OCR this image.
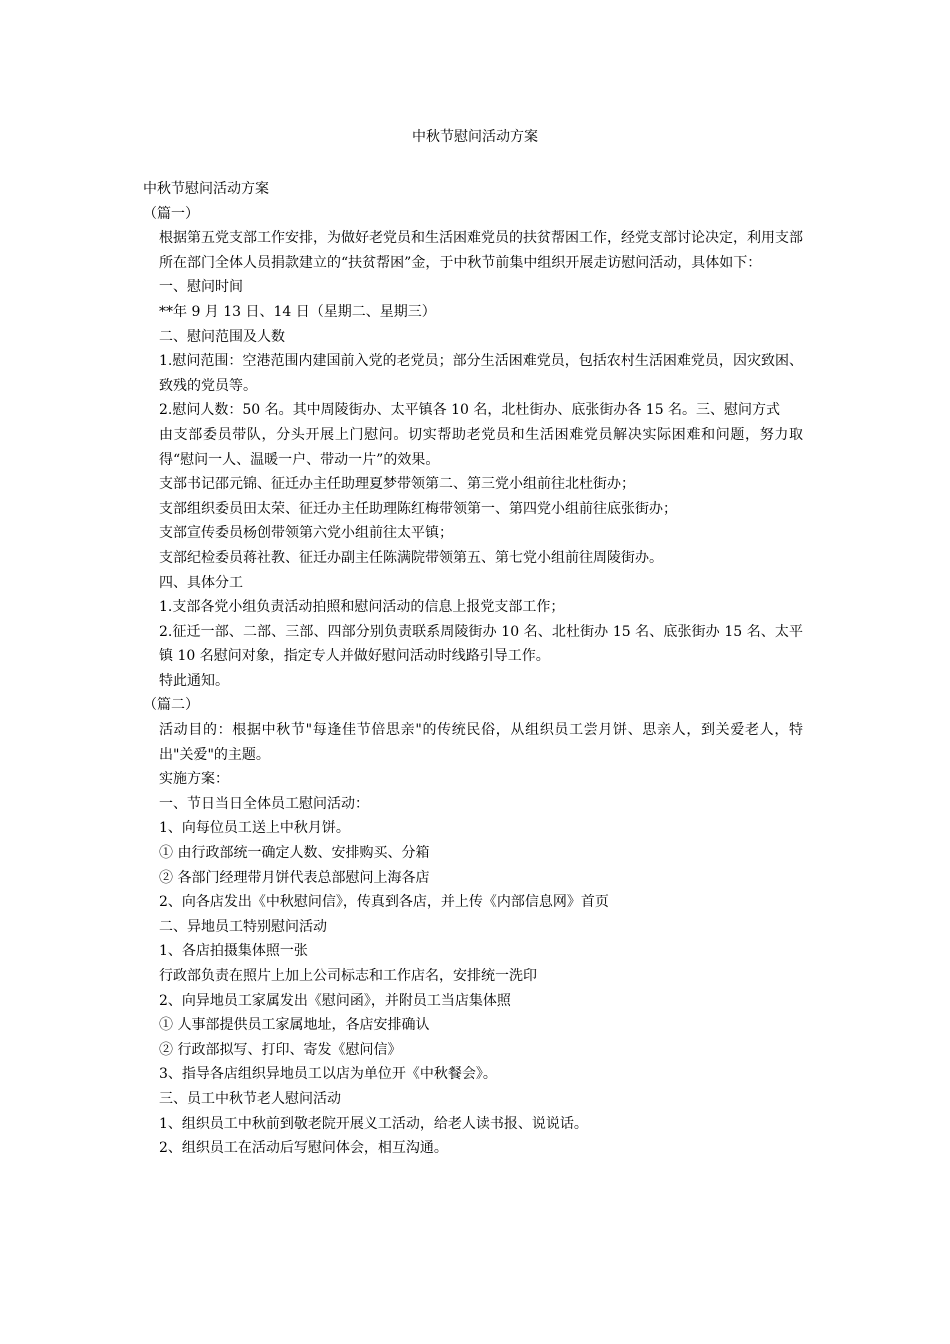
中秋节慰问活动方案

中秋节慰问活动方案

（篇一）

根据第五党支部工作安排，为做好老党员和生活困难党员的扶贫帮困工作，经党支部讨论决定，利用支部所在部门全体人员捐款建立的“扶贫帮困”金，于中秋节前集中组织开展走访慰问活动，具体如下：

一、慰问时间

**年 9 月 13 日、14 日（星期二、星期三）

二、慰问范围及人数

1.慰问范围：空港范围内建国前入党的老党员；部分生活困难党员，包括农村生活困难党员，因灾致困、致残的党员等。

2.慰问人数：50 名。其中周陵街办、太平镇各 10 名，北杜街办、底张街办各 15 名。三、慰问方式

由支部委员带队，分头开展上门慰问。切实帮助老党员和生活困难党员解决实际困难和问题，努力取得“慰问一人、温暖一户、带动一片”的效果。

支部书记邵元锦、征迁办主任助理夏梦带领第二、第三党小组前往北杜街办；

支部组织委员田太荣、征迁办主任助理陈红梅带领第一、第四党小组前往底张街办；

支部宣传委员杨创带领第六党小组前往太平镇；

支部纪检委员蒋社教、征迁办副主任陈满院带领第五、第七党小组前往周陵街办。

四、具体分工

1.支部各党小组负责活动拍照和慰问活动的信息上报党支部工作；

2.征迁一部、二部、三部、四部分别负责联系周陵街办 10 名、北杜街办 15 名、底张街办 15 名、太平镇 10 名慰问对象，指定专人并做好慰问活动时线路引导工作。

特此通知。

（篇二）

活动目的：根据中秋节"每逢佳节倍思亲"的传统民俗，从组织员工尝月饼、思亲人，到关爱老人，特出"关爱"的主题。

实施方案：

一、节日当日全体员工慰问活动：

1、向每位员工送上中秋月饼。

① 由行政部统一确定人数、安排购买、分箱

② 各部门经理带月饼代表总部慰问上海各店

2、向各店发出《中秋慰问信》，传真到各店，并上传《内部信息网》首页

二、异地员工特别慰问活动

1、各店拍摄集体照一张

行政部负责在照片上加上公司标志和工作店名，安排统一洗印

2、向异地员工家属发出《慰问函》，并附员工当店集体照

① 人事部提供员工家属地址，各店安排确认

② 行政部拟写、打印、寄发《慰问信》

3、指导各店组织异地员工以店为单位开《中秋餐会》。

三、员工中秋节老人慰问活动

1、组织员工中秋前到敬老院开展义工活动，给老人读书报、说说话。

2、组织员工在活动后写慰问体会，相互沟通。
